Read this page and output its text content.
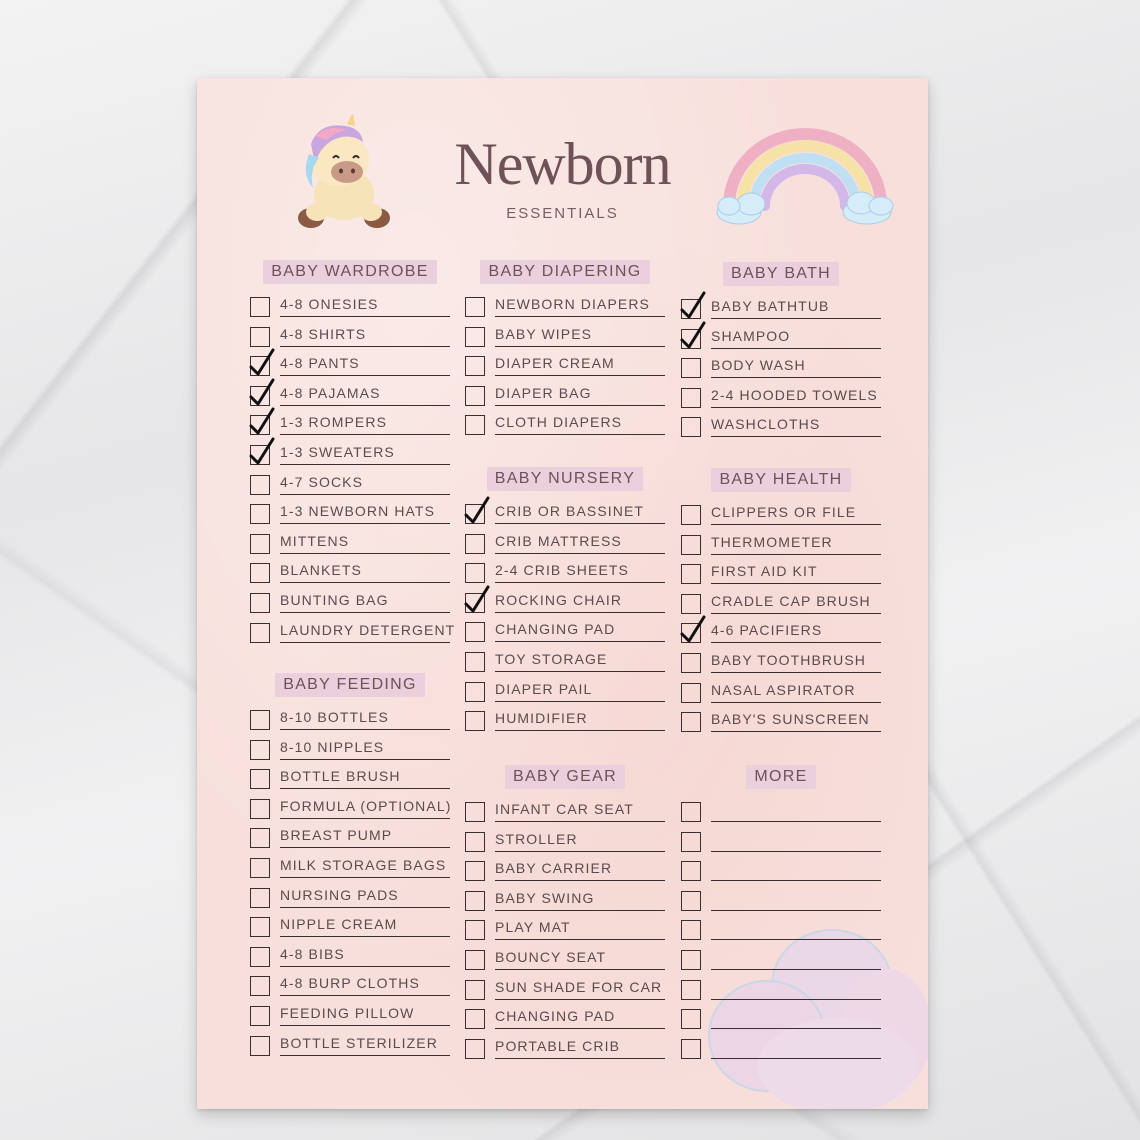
Newborn
ESSENTIALS
BABY WARDROBE
4-8 ONESIES
4-8 SHIRTS
4-8 PANTS
4-8 PAJAMAS
1-3 ROMPERS
1-3 SWEATERS
4-7 SOCKS
1-3 NEWBORN HATS
MITTENS
BLANKETS
BUNTING BAG
LAUNDRY DETERGENT
BABY FEEDING
8-10 BOTTLES
8-10 NIPPLES
BOTTLE BRUSH
FORMULA (OPTIONAL)
BREAST PUMP
MILK STORAGE BAGS
NURSING PADS
NIPPLE CREAM
4-8 BIBS
4-8 BURP CLOTHS
FEEDING PILLOW
BOTTLE STERILIZER
BABY DIAPERING
NEWBORN DIAPERS
BABY WIPES
DIAPER CREAM
DIAPER BAG
CLOTH DIAPERS
BABY NURSERY
CRIB OR BASSINET
CRIB MATTRESS
2-4 CRIB SHEETS
ROCKING CHAIR
CHANGING PAD
TOY STORAGE
DIAPER PAIL
HUMIDIFIER
BABY GEAR
INFANT CAR SEAT
STROLLER
BABY CARRIER
BABY SWING
PLAY MAT
BOUNCY SEAT
SUN SHADE FOR CAR
CHANGING PAD
PORTABLE CRIB
BABY BATH
BABY BATHTUB
SHAMPOO
BODY WASH
2-4 HOODED TOWELS
WASHCLOTHS
BABY HEALTH
CLIPPERS OR FILE
THERMOMETER
FIRST AID KIT
CRADLE CAP BRUSH
4-6 PACIFIERS
BABY TOOTHBRUSH
NASAL ASPIRATOR
BABY'S SUNSCREEN
MORE
